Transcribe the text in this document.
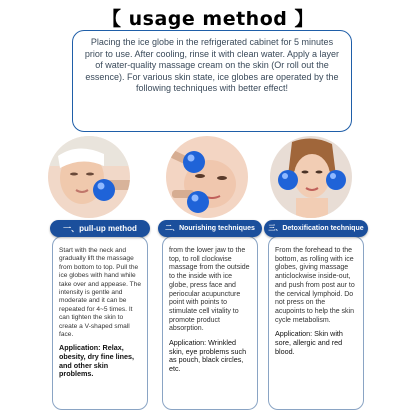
【 usage method 】

Placing the ice globe in the refrigerated cabinet for 5 minutes prior to use. After cooling, rinse it with clean water. Apply a layer of water-quality massage cream on the skin (Or roll out the essence). For various skin state, ice globes are operated by the following techniques with better effect!

Start with the neck and gradually lift the massage from bottom to top. Pull the ice globes with hand while take over and appease. The intensity is gentle and moderate and it can be repeated for 4~5 times. It can tighten the skin to create a V-shaped small face.

Application: Relax, obesity, dry fine lines, and other skin problems.

一、pull-up method

from the lower jaw to the top, to roll clockwise massage from the outside to the inside with ice globe, press face and periocular acupuncture point with points to stimulate cell vitality to promote product absorption.

Application: Wrinkled skin, eye problems such as pouch, black circles, etc.

二、Nourishing techniques

From the forehead to the bottom, as rolling with ice globes, giving massage anticlockwise inside-out, and push from post aur to the cervical lymphoid. Do not press on the acupoints to help the skin cycle metabolism.

Application: Skin with sore, allergic and red blood.

三、Detoxification technique
